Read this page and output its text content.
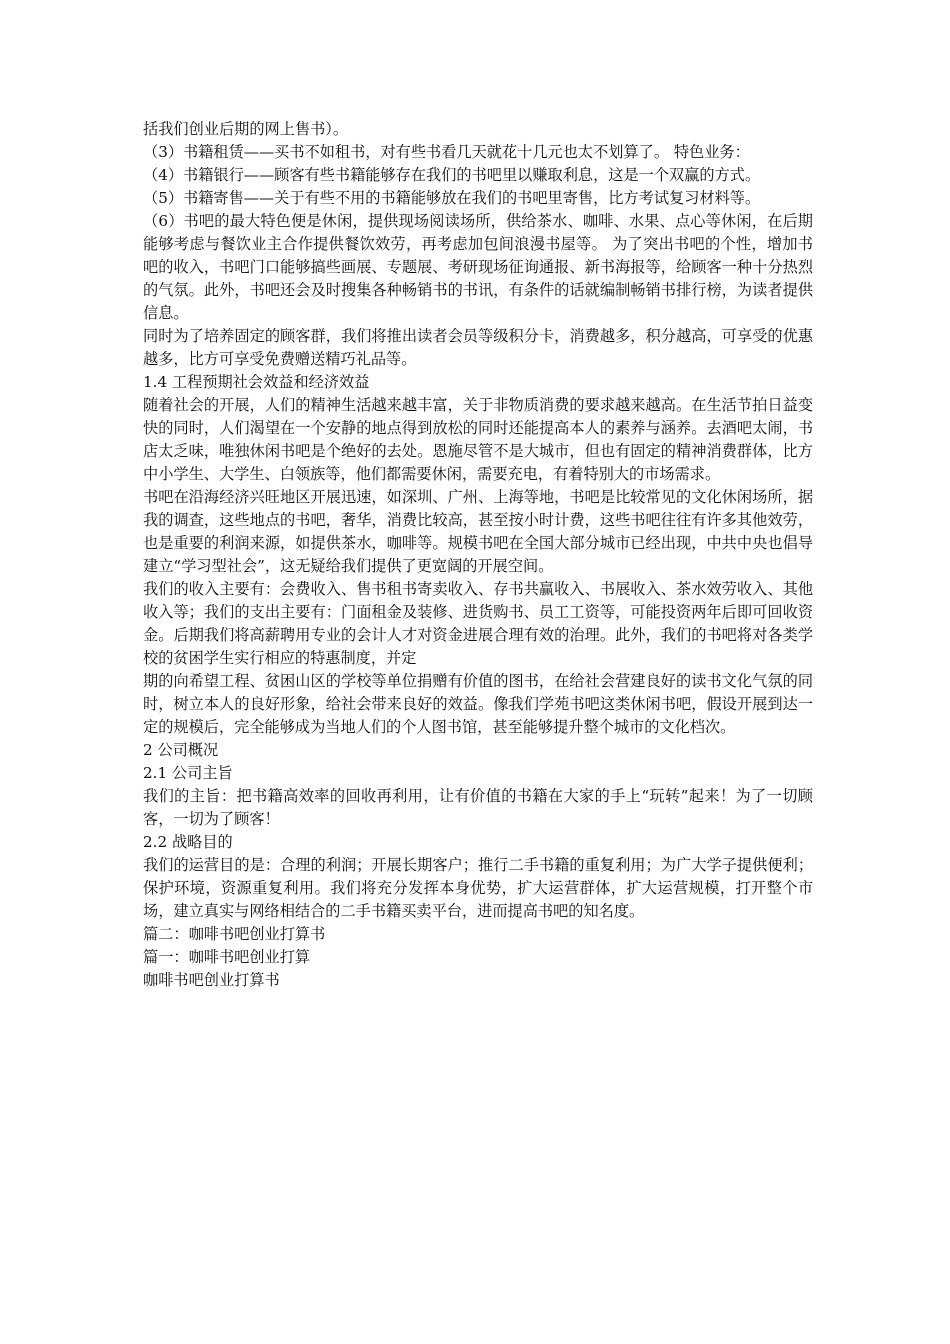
括我们创业后期的网上售书）。

（3）书籍租赁——买书不如租书，对有些书看几天就花十几元也太不划算了。 特色业务：

（4）书籍银行——顾客有些书籍能够存在我们的书吧里以赚取利息，这是一个双赢的方式。

（5）书籍寄售——关于有些不用的书籍能够放在我们的书吧里寄售，比方考试复习材料等。

（6）书吧的最大特色便是休闲，提供现场阅读场所，供给茶水、咖啡、水果、点心等休闲，在后期能够考虑与餐饮业主合作提供餐饮效劳，再考虑加包间浪漫书屋等。 为了突出书吧的个性，增加书吧的收入，书吧门口能够搞些画展、专题展、考研现场征询通报、新书海报等，给顾客一种十分热烈的气氛。此外，书吧还会及时搜集各种畅销书的书讯，有条件的话就编制畅销书排行榜，为读者提供信息。

同时为了培养固定的顾客群，我们将推出读者会员等级积分卡，消费越多，积分越高，可享受的优惠越多，比方可享受免费赠送精巧礼品等。

1.4 工程预期社会效益和经济效益

随着社会的开展，人们的精神生活越来越丰富，关于非物质消费的要求越来越高。在生活节拍日益变快的同时，人们渴望在一个安静的地点得到放松的同时还能提高本人的素养与涵养。去酒吧太闹，书店太乏味，唯独休闲书吧是个绝好的去处。恩施尽管不是大城市，但也有固定的精神消费群体，比方中小学生、大学生、白领族等，他们都需要休闲，需要充电，有着特别大的市场需求。

书吧在沿海经济兴旺地区开展迅速，如深圳、广州、上海等地，书吧是比较常见的文化休闲场所，据我的调查，这些地点的书吧，奢华，消费比较高，甚至按小时计费，这些书吧往往有许多其他效劳，也是重要的利润来源，如提供茶水，咖啡等。规模书吧在全国大部分城市已经出现，中共中央也倡导建立“学习型社会”，这无疑给我们提供了更宽阔的开展空间。

我们的收入主要有：会费收入、售书租书寄卖收入、存书共赢收入、书展收入、茶水效劳收入、其他收入等；我们的支出主要有：门面租金及装修、进货购书、员工工资等，可能投资两年后即可回收资金。后期我们将高薪聘用专业的会计人才对资金进展合理有效的治理。此外，我们的书吧将对各类学校的贫困学生实行相应的特惠制度，并定

期的向希望工程、贫困山区的学校等单位捐赠有价值的图书，在给社会营建良好的读书文化气氛的同时，树立本人的良好形象，给社会带来良好的效益。像我们学苑书吧这类休闲书吧，假设开展到达一定的规模后，完全能够成为当地人们的个人图书馆，甚至能够提升整个城市的文化档次。

2 公司概况

2.1 公司主旨

我们的主旨：把书籍高效率的回收再利用，让有价值的书籍在大家的手上“玩转”起来！为了一切顾客，一切为了顾客！

2.2 战略目的

我们的运营目的是：合理的利润；开展长期客户；推行二手书籍的重复利用；为广大学子提供便利；保护环境，资源重复利用。我们将充分发挥本身优势，扩大运营群体，扩大运营规模，打开整个市场，建立真实与网络相结合的二手书籍买卖平台，进而提高书吧的知名度。

篇二：咖啡书吧创业打算书

篇一：咖啡书吧创业打算

咖啡书吧创业打算书
